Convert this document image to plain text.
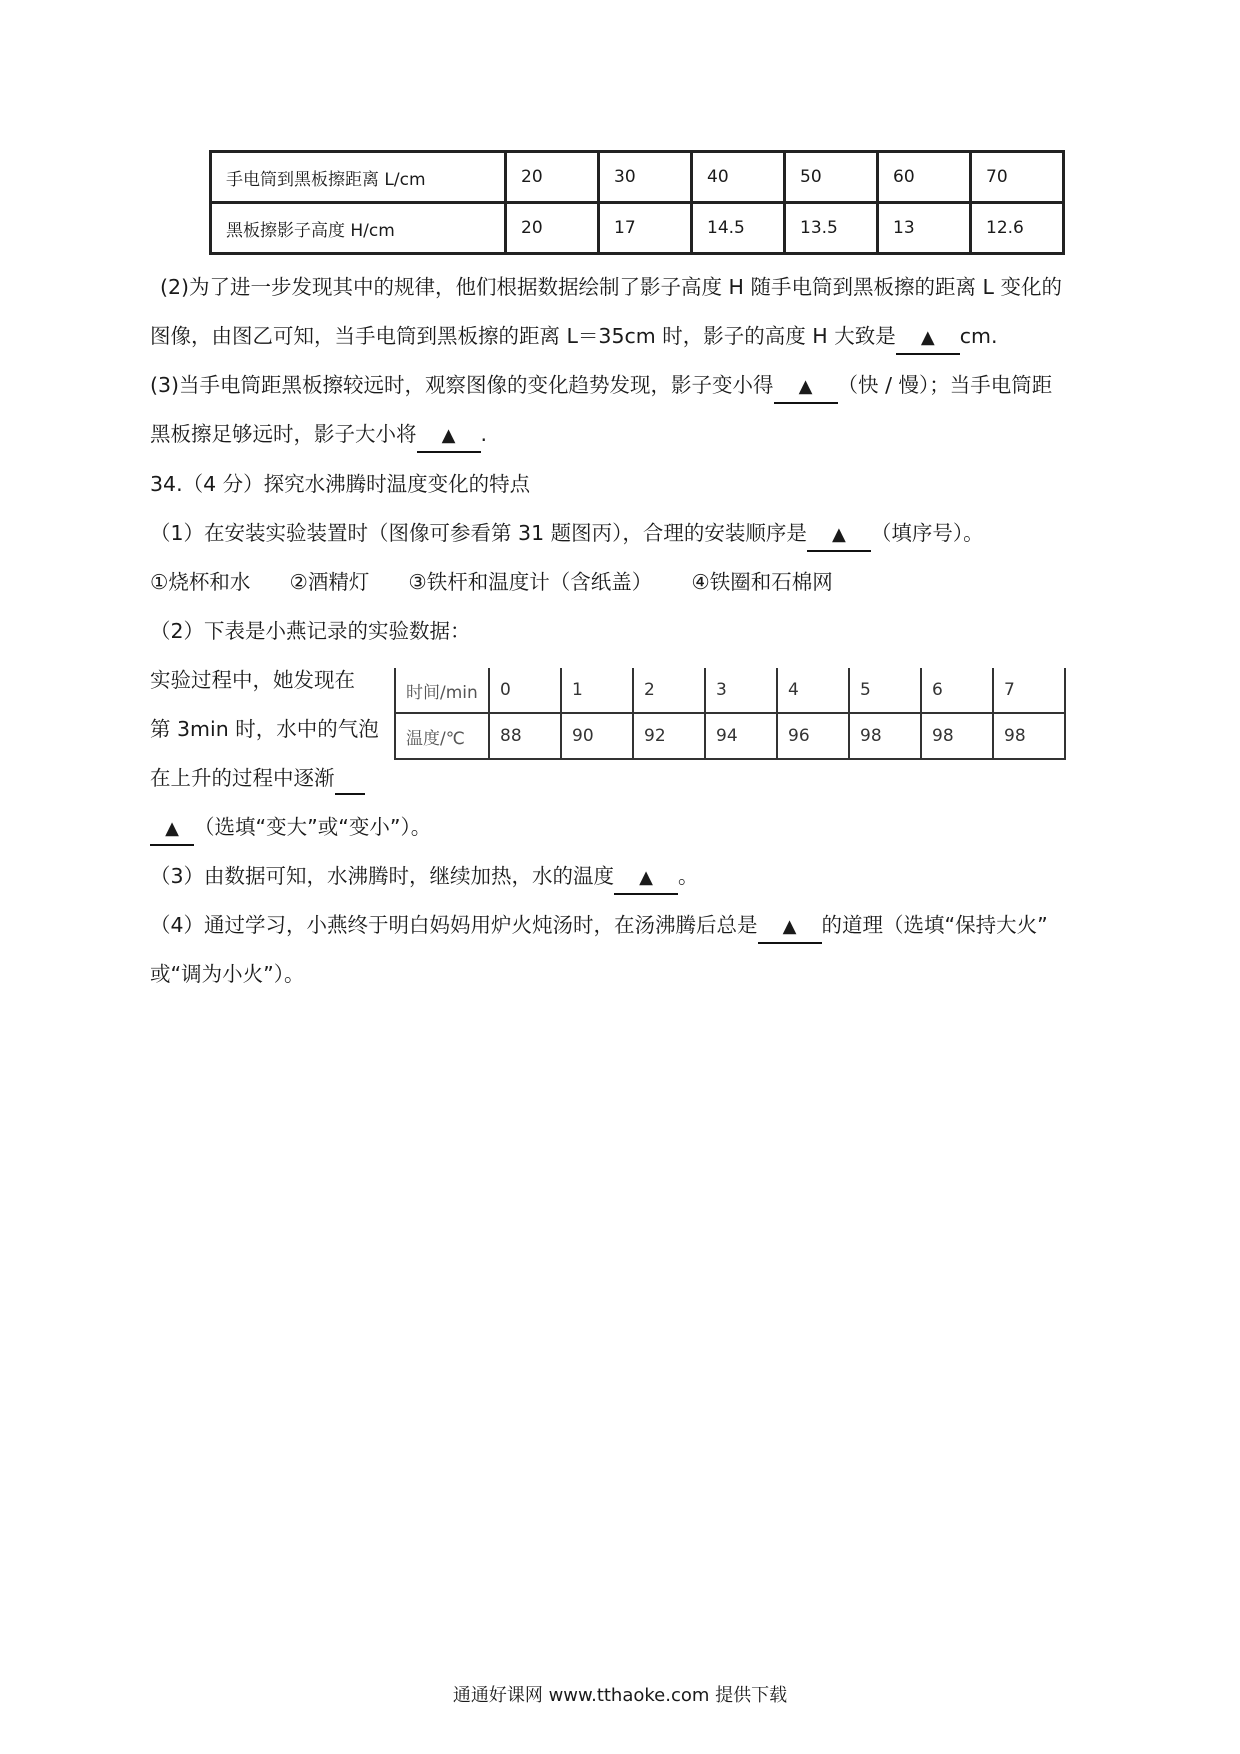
手电筒到黑板擦距离 L/cm	20	30	40	50	60	70
黑板擦影子高度 H/cm	20	17	14.5	13.5	13	12.6
(2)为了进一步发现其中的规律，他们根据数据绘制了影子高度 H 随手电筒到黑板擦的距离 L 变化的
图像，由图乙可知，当手电筒到黑板擦的距离 L＝35cm 时，影子的高度 H 大致是 ▲ cm.
(3)当手电筒距黑板擦较远时，观察图像的变化趋势发现，影子变小得 ▲ （快 / 慢）；当手电筒距
黑板擦足够远时，影子大小将 ▲ .
34.（4 分）探究水沸腾时温度变化的特点
（1）在安装实验装置时（图像可参看第 31 题图丙），合理的安装顺序是 ▲ （填序号）。
①烧杯和水 ②酒精灯 ③铁杆和温度计（含纸盖） ④铁圈和石棉网
（2）下表是小燕记录的实验数据：
实验过程中，她发现在
第 3min 时，水中的气泡
在上升的过程中逐渐
▲ （选填“变大”或“变小”）。
时间/min	0	1	2	3	4	5	6	7
温度/℃	88	90	92	94	96	98	98	98
（3）由数据可知，水沸腾时，继续加热，水的温度 ▲ 。
（4）通过学习，小燕终于明白妈妈用炉火炖汤时，在汤沸腾后总是 ▲ 的道理（选填“保持大火”
或“调为小火”）。
通通好课网 www.tthaoke.com 提供下载
